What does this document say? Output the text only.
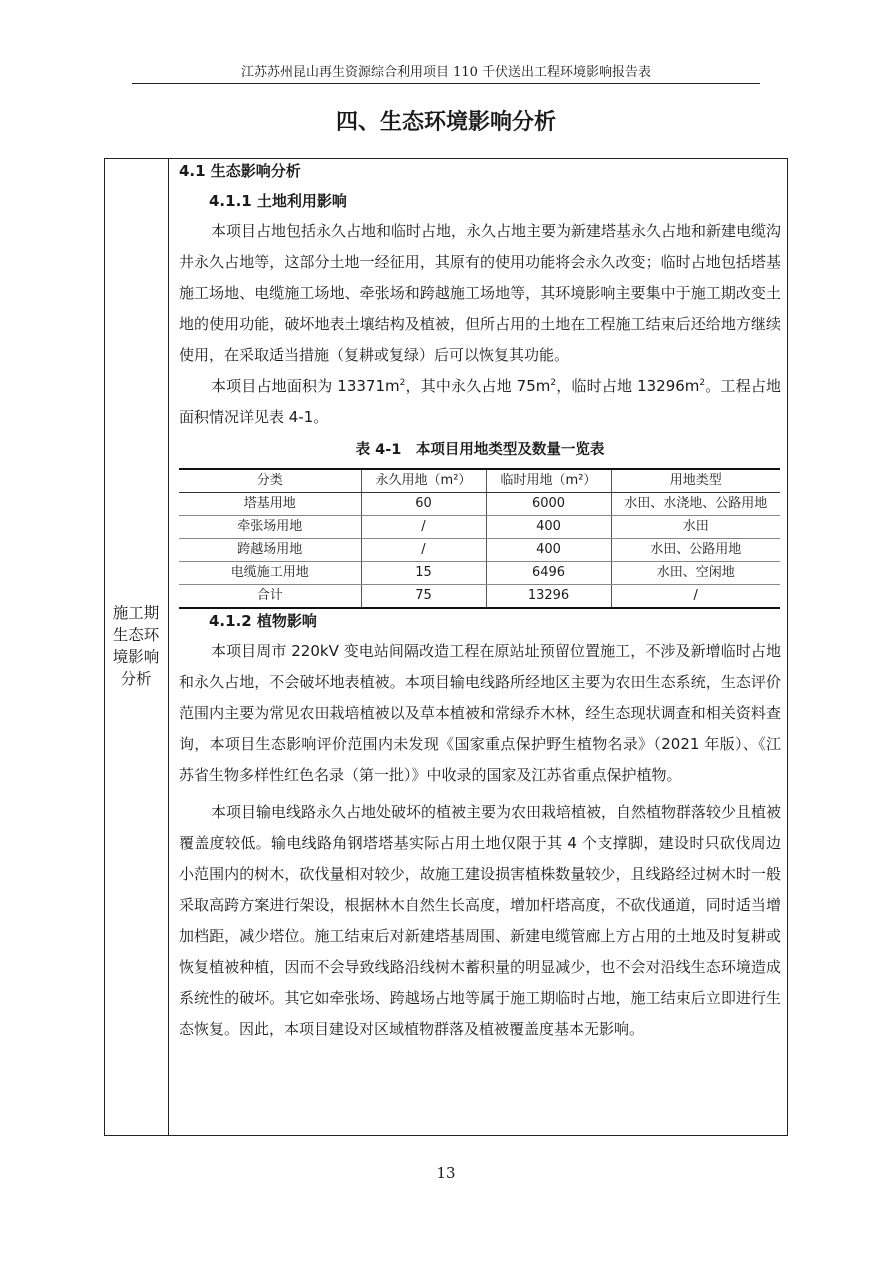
江苏苏州昆山再生资源综合利用项目 110 千伏送出工程环境影响报告表
四、生态环境影响分析
施工期
生态环
境影响
分析
4.1 生态影响分析
4.1.1 土地利用影响

本项目占地包括永久占地和临时占地，永久占地主要为新建塔基永久占地和新建电缆沟井永久占地等，这部分土地一经征用，其原有的使用功能将会永久改变；临时占地包括塔基施工场地、电缆施工场地、牵张场和跨越施工场地等，其环境影响主要集中于施工期改变土地的使用功能，破坏地表土壤结构及植被，但所占用的土地在工程施工结束后还给地方继续使用，在采取适当措施（复耕或复绿）后可以恢复其功能。

本项目占地面积为 $13371m^2$，其中永久占地 $75m^2$，临时占地 $13296m^2$。工程占地面积情况详见表 4-1。

表 4-1　本项目用地类型及数量一览表
分类	永久用地（m²）	临时用地（m²）	用地类型
塔基用地	60	6000	水田、水浇地、公路用地
牵张场用地	/	400	水田
跨越场用地	/	400	水田、公路用地
电缆施工用地	15	6496	水田、空闲地
合计	75	13296	/
4.1.2 植物影响

本项目周市 220kV 变电站间隔改造工程在原站址预留位置施工，不涉及新增临时占地和永久占地，不会破坏地表植被。本项目输电线路所经地区主要为农田生态系统，生态评价范围内主要为常见农田栽培植被以及草本植被和常绿乔木林，经生态现状调查和相关资料查询，本项目生态影响评价范围内未发现《国家重点保护野生植物名录》（2021 年版）、《江苏省生物多样性红色名录（第一批）》中收录的国家及江苏省重点保护植物。

本项目输电线路永久占地处破坏的植被主要为农田栽培植被，自然植物群落较少且植被覆盖度较低。输电线路角钢塔塔基实际占用土地仅限于其 4 个支撑脚，建设时只砍伐周边小范围内的树木，砍伐量相对较少，故施工建设损害植株数量较少，且线路经过树木时一般采取高跨方案进行架设，根据林木自然生长高度，增加杆塔高度，不砍伐通道，同时适当增加档距，减少塔位。施工结束后对新建塔基周围、新建电缆管廊上方占用的土地及时复耕或恢复植被种植，因而不会导致线路沿线树木蓄积量的明显减少，也不会对沿线生态环境造成系统性的破坏。其它如牵张场、跨越场占地等属于施工期临时占地，施工结束后立即进行生态恢复。因此，本项目建设对区域植物群落及植被覆盖度基本无影响。

13
